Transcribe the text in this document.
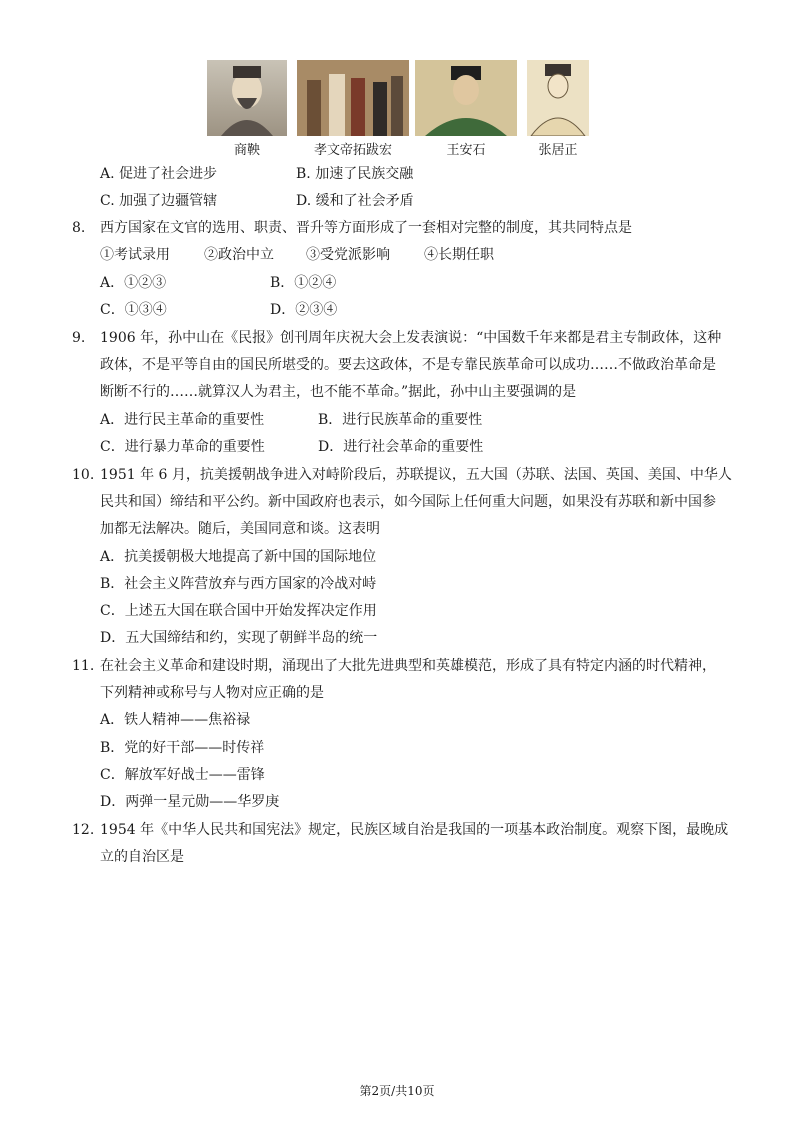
商鞅	孝文帝拓跋宏	王安石	张居正
A. 促进了社会进步	B. 加速了民族交融
C. 加强了边疆管辖	D. 缓和了社会矛盾
8. 西方国家在文官的选用、职责、晋升等方面形成了一套相对完整的制度，其共同特点是
①考试录用 ②政治中立 ③受党派影响 ④长期任职
A．①②③	B．①②④
C．①③④	D．②③④
9. 1906 年，孙中山在《民报》创刊周年庆祝大会上发表演说：“中国数千年来都是君主专制政体，这种
政体，不是平等自由的国民所堪受的。要去这政体，不是专靠民族革命可以成功……不做政治革命是
断断不行的……就算汉人为君主，也不能不革命。”据此，孙中山主要强调的是
A．进行民主革命的重要性	B．进行民族革命的重要性
C．进行暴力革命的重要性	D．进行社会革命的重要性
10. 1951 年 6 月，抗美援朝战争进入对峙阶段后，苏联提议，五大国（苏联、法国、英国、美国、中华人
民共和国）缔结和平公约。新中国政府也表示，如今国际上任何重大问题，如果没有苏联和新中国参
加都无法解决。随后，美国同意和谈。这表明
A．抗美援朝极大地提高了新中国的国际地位
B．社会主义阵营放弃与西方国家的冷战对峙
C．上述五大国在联合国中开始发挥决定作用
D．五大国缔结和约，实现了朝鲜半岛的统一
11. 在社会主义革命和建设时期，涌现出了大批先进典型和英雄模范，形成了具有特定内涵的时代精神，
下列精神或称号与人物对应正确的是
A．铁人精神——焦裕禄
B．党的好干部——时传祥
C．解放军好战士——雷锋
D．两弹一星元勋——华罗庚
12. 1954 年《中华人民共和国宪法》规定，民族区域自治是我国的一项基本政治制度。观察下图，最晚成
立的自治区是
第2页/共10页
